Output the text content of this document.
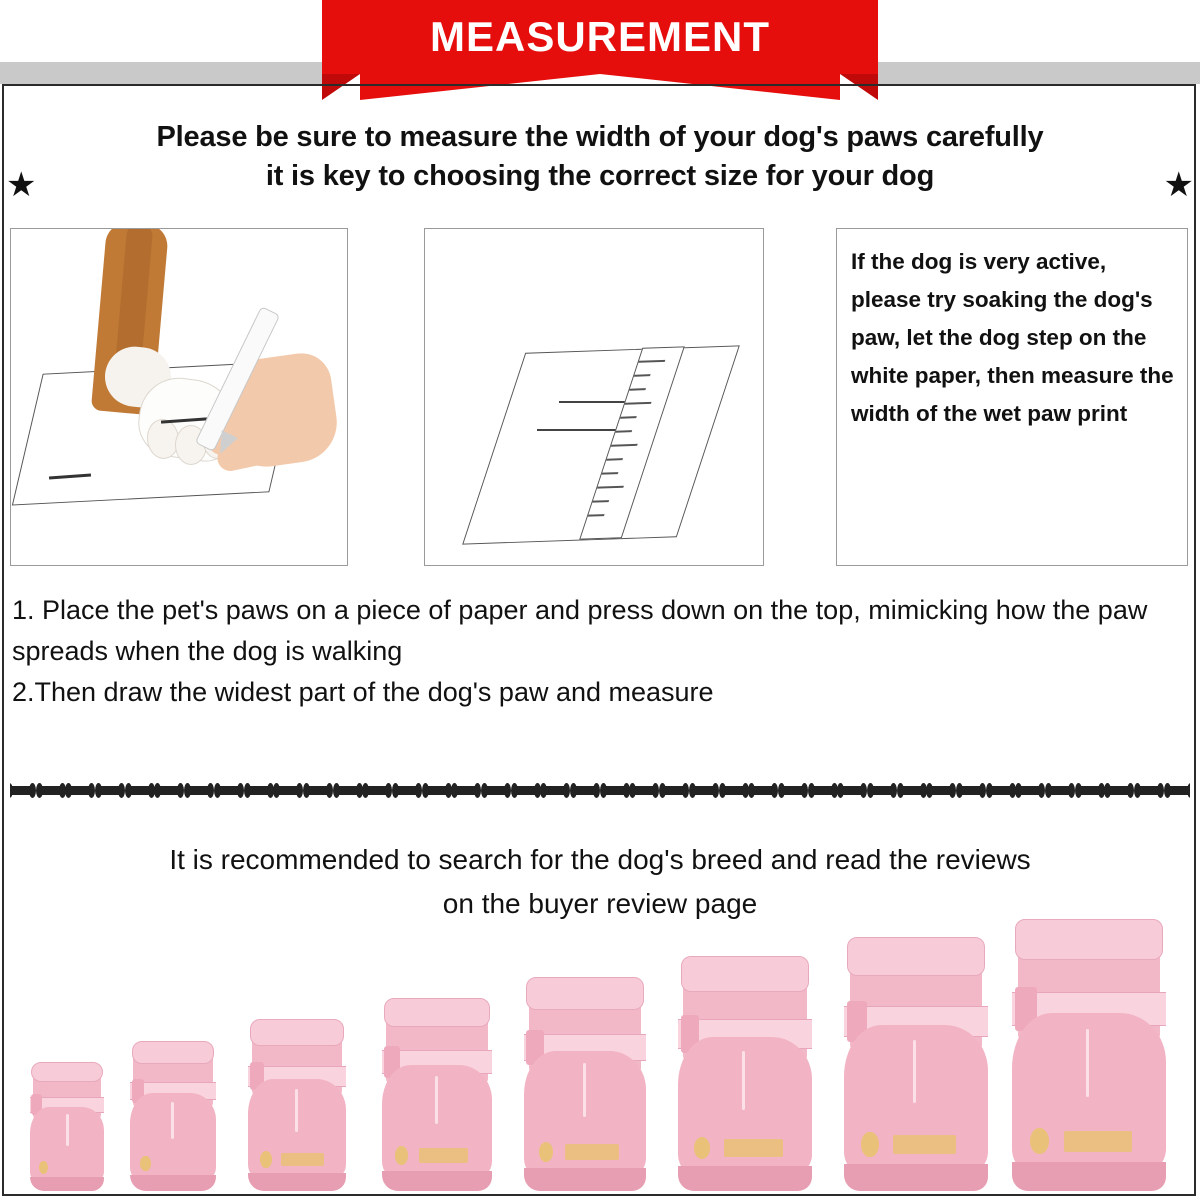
MEASUREMENT
Please be sure to measure the width of your dog's paws carefully
it is key to choosing the correct size for your dog
★	★
If the dog is very active, please try soaking the dog's paw, let the dog step on the white paper, then measure the width of the wet paw print
1. Place the pet's paws on a piece of paper and press down on the top, mimicking how the paw spreads when the dog is walking
2.Then draw the widest part of the dog's paw and measure
It is recommended to search for the dog's breed and read the reviews
on the buyer review page
